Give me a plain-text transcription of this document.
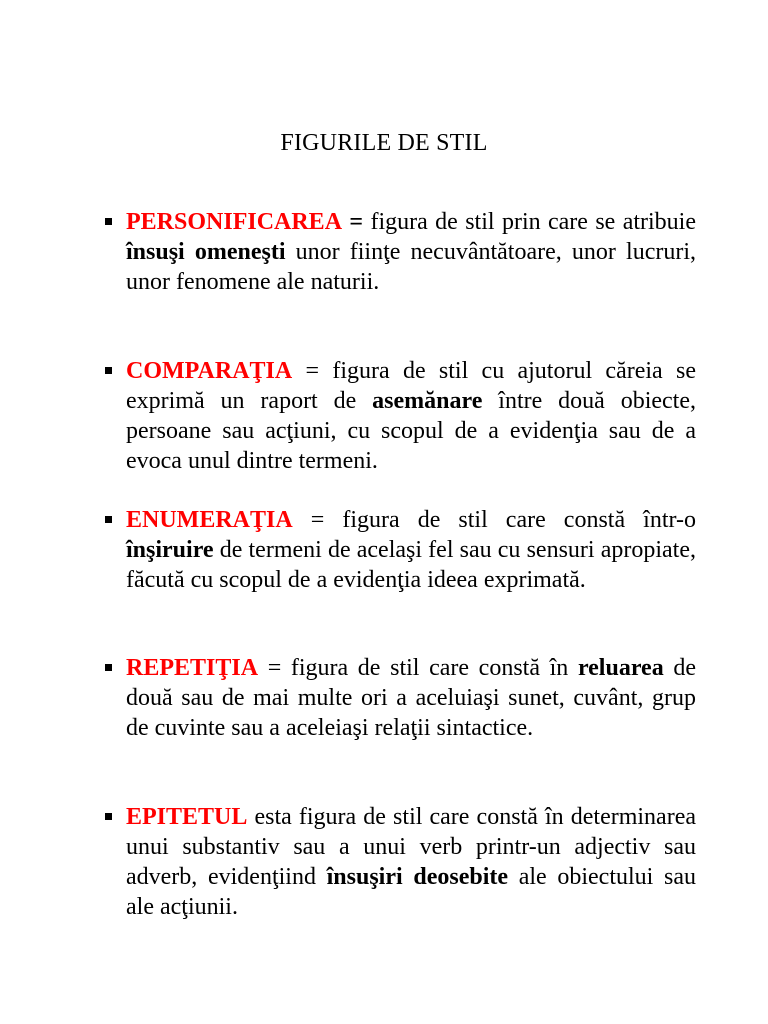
FIGURILE DE STIL
PERSONIFICAREA = figura de stil prin care se atribuie însuşi omeneşti unor fiinţe necuvântătoare, unor lucruri, unor fenomene ale naturii.
COMPARAŢIA = figura de stil cu ajutorul căreia se exprimă un raport de asemănare între două obiecte, persoane sau acţiuni, cu scopul de a evidenţia sau de a evoca unul dintre termeni.
ENUMERAŢIA = figura de stil care constă într-o înşiruire de termeni de acelaşi fel sau cu sensuri apropiate, făcută cu scopul de a evidenţia ideea exprimată.
REPETIŢIA = figura de stil care constă în reluarea de două sau de mai multe ori a aceluiaşi sunet, cuvânt, grup de cuvinte sau a aceleiaşi relaţii sintactice.
EPITETUL esta figura de stil care constă în determinarea unui substantiv sau a unui verb printr-un adjectiv sau adverb, evidenţiind însuşiri deosebite ale obiectului sau ale acţiunii.
